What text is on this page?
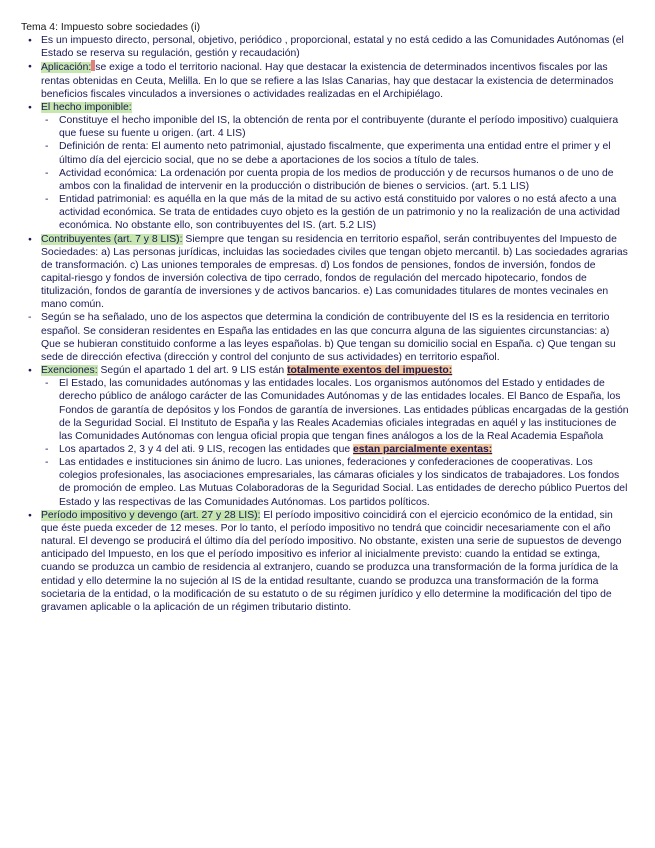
Tema 4: Impuesto sobre sociedades (i)
● Es un impuesto directo, personal, objetivo, periódico , proporcional, estatal y no está cedido a las Comunidades Autónomas (el Estado se reserva su regulación, gestión y recaudación)
● Aplicación: se exige a todo el territorio nacional. Hay que destacar la existencia de determinados incentivos fiscales por las rentas obtenidas en Ceuta, Melilla. En lo que se refiere a las Islas Canarias, hay que destacar la existencia de determinados beneficios fiscales vinculados a inversiones o actividades realizadas en el Archipiélago.
● El hecho imponible:
- Constituye el hecho imponible del IS, la obtención de renta por el contribuyente (durante el período impositivo) cualquiera que fuese su fuente u origen. (art. 4 LIS)
- Definición de renta: El aumento neto patrimonial, ajustado fiscalmente, que experimenta una entidad entre el primer y el último día del ejercicio social, que no se debe a aportaciones de los socios a título de tales.
- Actividad económica: La ordenación por cuenta propia de los medios de producción y de recursos humanos o de uno de ambos con la finalidad de intervenir en la producción o distribución de bienes o servicios. (art. 5.1 LIS)
- Entidad patrimonial: es aquélla en la que más de la mitad de su activo está constituido por valores o no está afecto a una actividad económica. Se trata de entidades cuyo objeto es la gestión de un patrimonio y no la realización de una actividad económica. No obstante ello, son contribuyentes del IS. (art. 5.2 LIS)
● Contribuyentes (art. 7 y 8 LIS): Siempre que tengan su residencia en territorio español, serán contribuyentes del Impuesto de Sociedades: a) Las personas jurídicas, incluidas las sociedades civiles que tengan objeto mercantil. b) Las sociedades agrarias de transformación. c) Las uniones temporales de empresas. d) Los fondos de pensiones, fondos de inversión, fondos de capital-riesgo y fondos de inversión colectiva de tipo cerrado, fondos de regulación del mercado hipotecario, fondos de titulización, fondos de garantía de inversiones y de activos bancarios. e) Las comunidades titulares de montes vecinales en mano común.
- Según se ha señalado, uno de los aspectos que determina la condición de contribuyente del IS es la residencia en territorio español. Se consideran residentes en España las entidades en las que concurra alguna de las siguientes circunstancias: a) Que se hubieran constituido conforme a las leyes españolas. b) Que tengan su domicilio social en España. c) Que tengan su sede de dirección efectiva (dirección y control del conjunto de sus actividades) en territorio español.
● Exenciones: Según el apartado 1 del art. 9 LIS están totalmente exentos del impuesto:
- El Estado, las comunidades autónomas y las entidades locales. Los organismos autónomos del Estado y entidades de derecho público de análogo carácter de las Comunidades Autónomas y de las entidades locales. El Banco de España, los Fondos de garantía de depósitos y los Fondos de garantía de inversiones. Las entidades públicas encargadas de la gestión de la Seguridad Social. El Instituto de España y las Reales Academias oficiales integradas en aquél y las instituciones de las Comunidades Autónomas con lengua oficial propia que tengan fines análogos a los de la Real Academia Española
- Los apartados 2, 3 y 4 del ati. 9 LIS, recogen las entidades que estan parcialmente exentas:
- Las entidades e instituciones sin ánimo de lucro. Las uniones, federaciones y confederaciones de cooperativas. Los colegios profesionales, las asociaciones empresariales, las cámaras oficiales y los sindicatos de trabajadores. Los fondos de promoción de empleo. Las Mutuas Colaboradoras de la Seguridad Social. Las entidades de derecho público Puertos del Estado y las respectivas de las Comunidades Autónomas. Los partidos políticos.
● Período impositivo y devengo (art. 27 y 28 LIS): El período impositivo coincidirá con el ejercicio económico de la entidad, sin que éste pueda exceder de 12 meses. Por lo tanto, el período impositivo no tendrá que coincidir necesariamente con el año natural. El devengo se producirá el último día del período impositivo. No obstante, existen una serie de supuestos de devengo anticipado del Impuesto, en los que el período impositivo es inferior al inicialmente previsto: cuando la entidad se extinga, cuando se produzca un cambio de residencia al extranjero, cuando se produzca una transformación de la forma jurídica de la entidad y ello determine la no sujeción al IS de la entidad resultante, cuando se produzca una transformación de la forma societaria de la entidad, o la modificación de su estatuto o de su régimen jurídico y ello determine la modificación del tipo de gravamen aplicable o la aplicación de un régimen tributario distinto.
